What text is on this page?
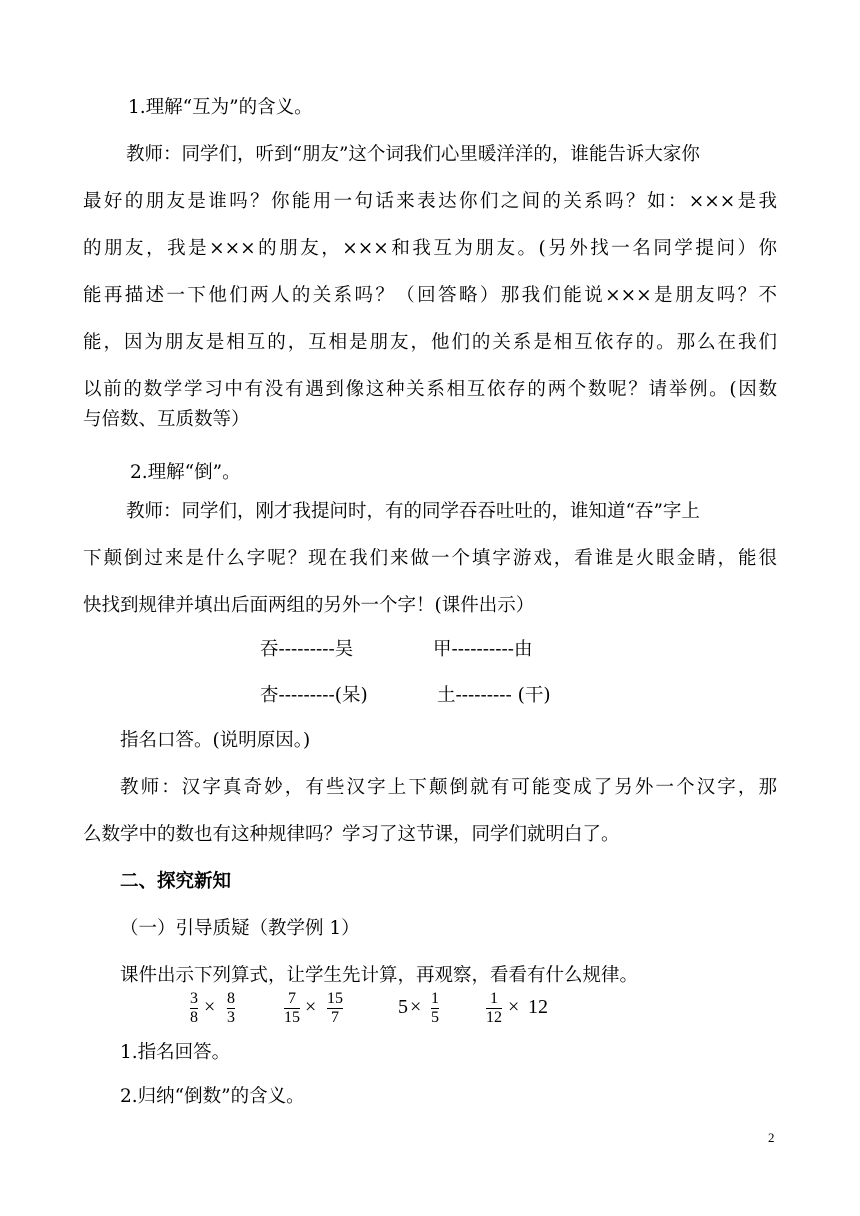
1.理解“互为”的含义。
教师：同学们，听到“朋友”这个词我们心里暖洋洋的，谁能告诉大家你
最好的朋友是谁吗？你能用一句话来表达你们之间的关系吗？如：×××是我
的朋友，我是×××的朋友，×××和我互为朋友。(另外找一名同学提问）你
能再描述一下他们两人的关系吗？（回答略）那我们能说×××是朋友吗？不
能，因为朋友是相互的，互相是朋友，他们的关系是相互依存的。那么在我们
以前的数学学习中有没有遇到像这种关系相互依存的两个数呢？请举例。(因数
与倍数、互质数等）
2.理解“倒”。
教师：同学们，刚才我提问时，有的同学吞吞吐吐的，谁知道“吞”字上
下颠倒过来是什么字呢？现在我们来做一个填字游戏，看谁是火眼金睛，能很
快找到规律并填出后面两组的另外一个字！(课件出示）
吞---------吴	甲----------由
杏---------(呆)	土--------- (干)
指名口答。(说明原因。)
教师：汉字真奇妙，有些汉字上下颠倒就有可能变成了另外一个汉字，那
么数学中的数也有这种规律吗？学习了这节课，同学们就明白了。
二、探究新知
（一）引导质疑（教学例 1）
课件出示下列算式，让学生先计算，再观察，看看有什么规律。
3
8 × 8
3
7
15 × 15
7	5 × 1
5
1
12 × 12
1.指名回答。
2.归纳“倒数”的含义。
2
